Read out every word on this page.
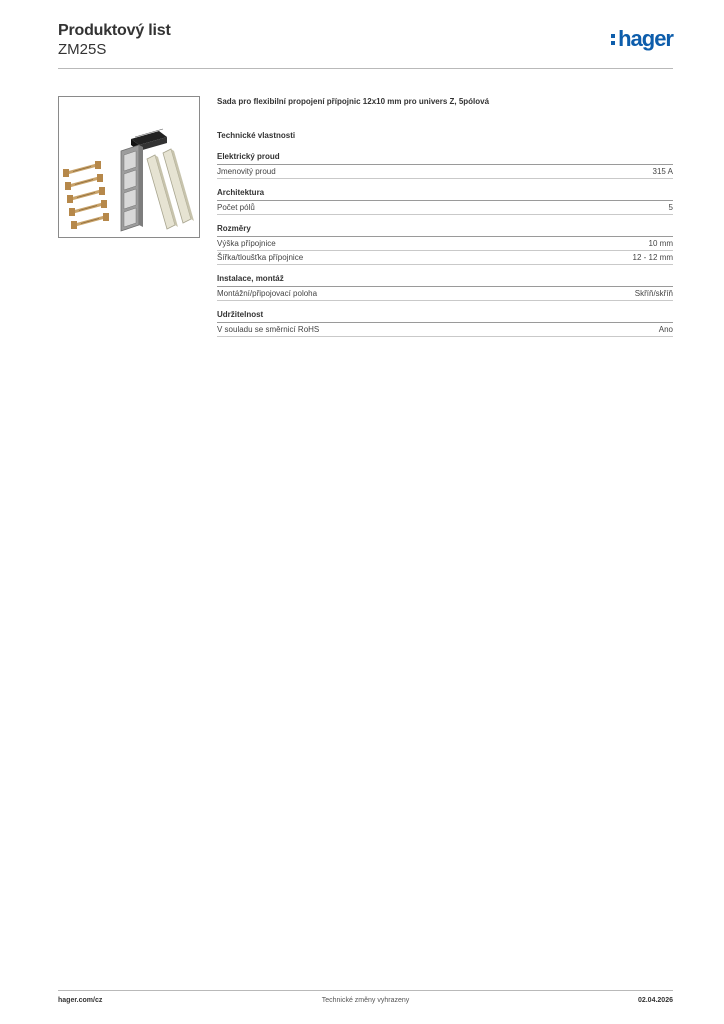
Produktový list
ZM25S	hager
Sada pro flexibilní propojení přípojnic 12x10 mm pro univers Z, 5pólová
Technické vlastnosti
Elektrický proud
Jmenovitý proud	315 A
Architektura
Počet pólů	5
Rozměry
Výška přípojnice	10 mm
Šířka/tloušťka přípojnice	12 - 12 mm
Instalace, montáž
Montážní/připojovací poloha	Skříň/skříň
Udržitelnost
V souladu se směrnicí RoHS	Ano
hager.com/cz	Technické změny vyhrazeny	02.04.2026
